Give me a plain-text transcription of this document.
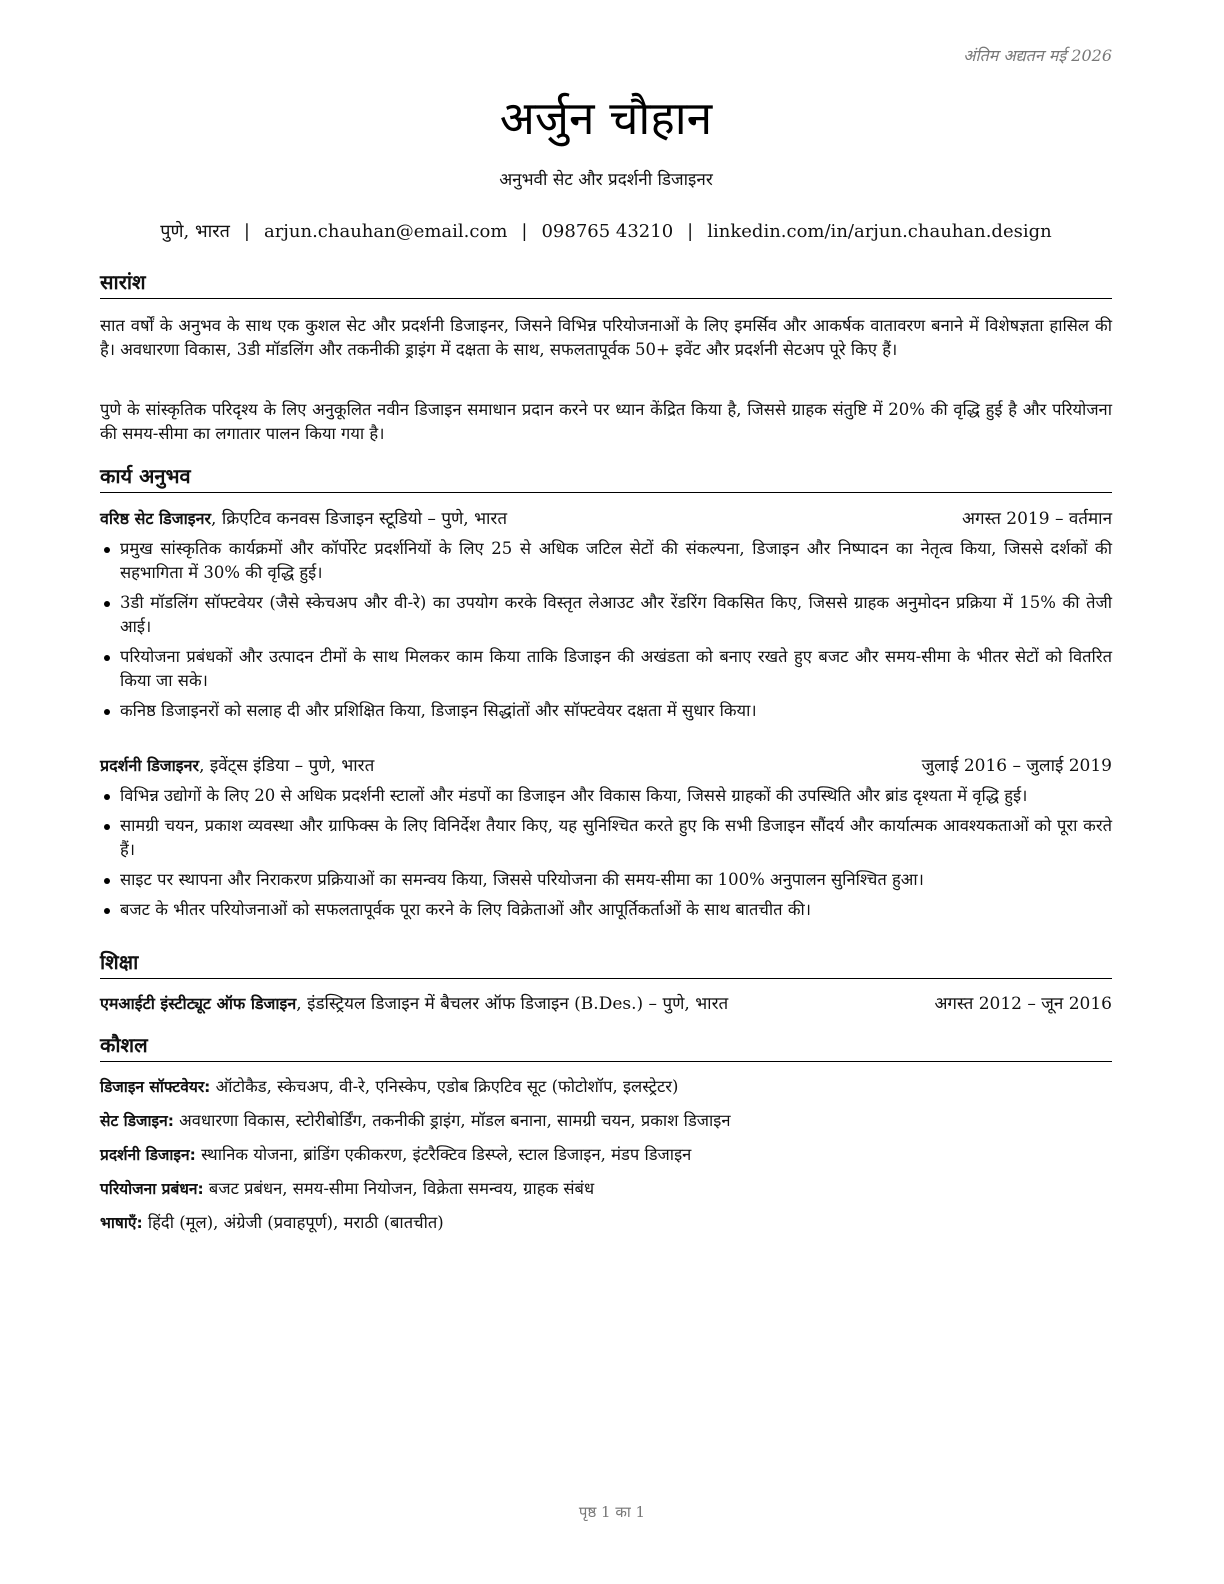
अंतिम अद्यतन मई 2026
अर्जुन चौहान
अनुभवी सेट और प्रदर्शनी डिजाइनर
पुणे, भारत | arjun.chauhan@email.com | 098765 43210 | linkedin.com/in/arjun.chauhan.design
सारांश
सात वर्षों के अनुभव के साथ एक कुशल सेट और प्रदर्शनी डिजाइनर, जिसने विभिन्न परियोजनाओं के लिए इमर्सिव और आकर्षक वातावरण बनाने में विशेषज्ञता हासिल की है। अवधारणा विकास, 3डी मॉडलिंग और तकनीकी ड्राइंग में दक्षता के साथ, सफलतापूर्वक 50+ इवेंट और प्रदर्शनी सेटअप पूरे किए हैं।
पुणे के सांस्कृतिक परिदृश्य के लिए अनुकूलित नवीन डिजाइन समाधान प्रदान करने पर ध्यान केंद्रित किया है, जिससे ग्राहक संतुष्टि में 20% की वृद्धि हुई है और परियोजना की समय-सीमा का लगातार पालन किया गया है।
कार्य अनुभव
वरिष्ठ सेट डिजाइनर, क्रिएटिव कनवस डिजाइन स्टूडियो – पुणे, भारत	अगस्त 2019 – वर्तमान
प्रमुख सांस्कृतिक कार्यक्रमों और कॉर्पोरेट प्रदर्शनियों के लिए 25 से अधिक जटिल सेटों की संकल्पना, डिजाइन और निष्पादन का नेतृत्व किया, जिससे दर्शकों की सहभागिता में 30% की वृद्धि हुई।
3डी मॉडलिंग सॉफ्टवेयर (जैसे स्केचअप और वी-रे) का उपयोग करके विस्तृत लेआउट और रेंडरिंग विकसित किए, जिससे ग्राहक अनुमोदन प्रक्रिया में 15% की तेजी आई।
परियोजना प्रबंधकों और उत्पादन टीमों के साथ मिलकर काम किया ताकि डिजाइन की अखंडता को बनाए रखते हुए बजट और समय-सीमा के भीतर सेटों को वितरित किया जा सके।
कनिष्ठ डिजाइनरों को सलाह दी और प्रशिक्षित किया, डिजाइन सिद्धांतों और सॉफ्टवेयर दक्षता में सुधार किया।
प्रदर्शनी डिजाइनर, इवेंट्स इंडिया – पुणे, भारत	जुलाई 2016 – जुलाई 2019
विभिन्न उद्योगों के लिए 20 से अधिक प्रदर्शनी स्टालों और मंडपों का डिजाइन और विकास किया, जिससे ग्राहकों की उपस्थिति और ब्रांड दृश्यता में वृद्धि हुई।
सामग्री चयन, प्रकाश व्यवस्था और ग्राफिक्स के लिए विनिर्देश तैयार किए, यह सुनिश्चित करते हुए कि सभी डिजाइन सौंदर्य और कार्यात्मक आवश्यकताओं को पूरा करते हैं।
साइट पर स्थापना और निराकरण प्रक्रियाओं का समन्वय किया, जिससे परियोजना की समय-सीमा का 100% अनुपालन सुनिश्चित हुआ।
बजट के भीतर परियोजनाओं को सफलतापूर्वक पूरा करने के लिए विक्रेताओं और आपूर्तिकर्ताओं के साथ बातचीत की।
शिक्षा
एमआईटी इंस्टीट्यूट ऑफ डिजाइन, इंडस्ट्रियल डिजाइन में बैचलर ऑफ डिजाइन (B.Des.) – पुणे, भारत	अगस्त 2012 – जून 2016
कौशल
डिजाइन सॉफ्टवेयर: ऑटोकैड, स्केचअप, वी-रे, एनिस्केप, एडोब क्रिएटिव सूट (फोटोशॉप, इलस्ट्रेटर)
सेट डिजाइन: अवधारणा विकास, स्टोरीबोर्डिंग, तकनीकी ड्राइंग, मॉडल बनाना, सामग्री चयन, प्रकाश डिजाइन
प्रदर्शनी डिजाइन: स्थानिक योजना, ब्रांडिंग एकीकरण, इंटरैक्टिव डिस्प्ले, स्टाल डिजाइन, मंडप डिजाइन
परियोजना प्रबंधन: बजट प्रबंधन, समय-सीमा नियोजन, विक्रेता समन्वय, ग्राहक संबंध
भाषाएँ: हिंदी (मूल), अंग्रेजी (प्रवाहपूर्ण), मराठी (बातचीत)
पृष्ठ 1 का 1
